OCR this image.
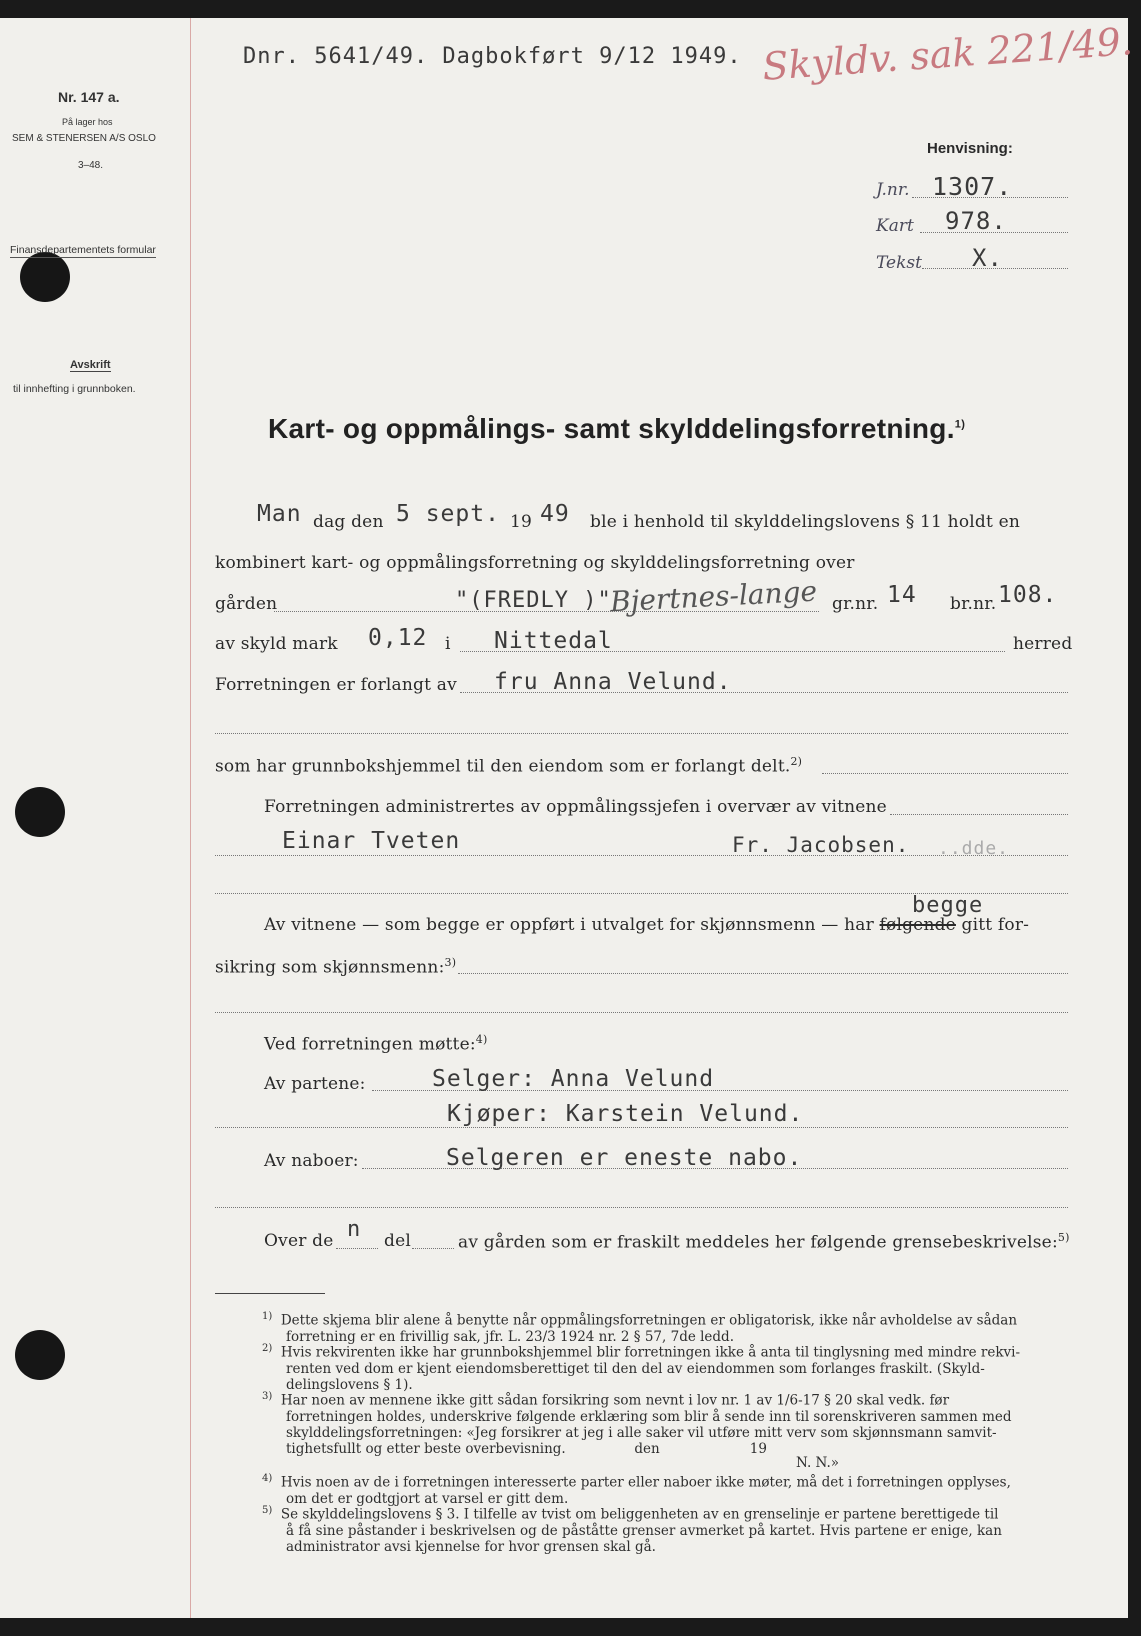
Nr. 147 a.
På lager hos
SEM & STENERSEN A/S OSLO
3–48.
Finansdepartementets formular
Avskrift
til innhefting i grunnboken.
Dnr. 5641/49. Dagbokført 9/12 1949. Skyldv. sak 221/49.
Henvisning:
J.nr. 1307.
Kart 978.
Tekst X.
Kart- og oppmålings- samt skylddelingsforretning.$^{1)}$
Man dag den 5 sept. 19 49 ble i henhold til skylddelingslovens § 11 holdt en
kombinert kart- og oppmålingsforretning og skylddelingsforretning over
gården	"(FREDLY )"
Bjertnes-lange gr.nr. 14 br.nr. 108.
av skyld mark 0,12 i Nittedal	herred
Forretningen er forlangt av fru Anna Velund.
som har grunnbokshjemmel til den eiendom som er forlangt delt.$^{2)}$
Forretningen administrertes av oppmålingssjefen i overvær av vitnene
Einar Tveten	Fr. Jacobsen. ..dde.
begge
Av vitnene — som begge er oppført i utvalget for skjønnsmenn — har følgende gitt for-
sikring som skjønnsmenn:$^{3)}$
Ved forretningen møtte:$^{4)}$
Av partene:	Selger: Anna Velund
Kjøper: Karstein Velund.
Av naboer:	Selgeren er eneste nabo.
Over de n del	av gården som er fraskilt meddeles her følgende grensebeskrivelse:$^{5)}$
$^{1)}$ Dette skjema blir alene å benytte når oppmålingsforretningen er obligatorisk, ikke når avholdelse av sådan
forretning er en frivillig sak, jfr. L. 23/3 1924 nr. 2 § 57, 7de ledd.
$^{2)}$ Hvis rekvirenten ikke har grunnbokshjemmel blir forretningen ikke å anta til tinglysning med mindre rekvi-
renten ved dom er kjent eiendomsberettiget til den del av eiendommen som forlanges fraskilt. (Skyld-
delingslovens § 1).
$^{3)}$ Har noen av mennene ikke gitt sådan forsikring som nevnt i lov nr. 1 av 1/6-17 § 20 skal vedk. før
forretningen holdes, underskrive følgende erklæring som blir å sende inn til sorenskriveren sammen med
skylddelingsforretningen: «Jeg forsikrer at jeg i alle saker vil utføre mitt verv som skjønnsmann samvit-
tighetsfullt og etter beste overbevisning.                den                     19
N. N.»
$^{4)}$ Hvis noen av de i forretningen interesserte parter eller naboer ikke møter, må det i forretningen opplyses,
om det er godtgjort at varsel er gitt dem.
$^{5)}$ Se skylddelingslovens § 3. I tilfelle av tvist om beliggenheten av en grenselinje er partene berettigede til
å få sine påstander i beskrivelsen og de påståtte grenser avmerket på kartet. Hvis partene er enige, kan
administrator avsi kjennelse for hvor grensen skal gå.
